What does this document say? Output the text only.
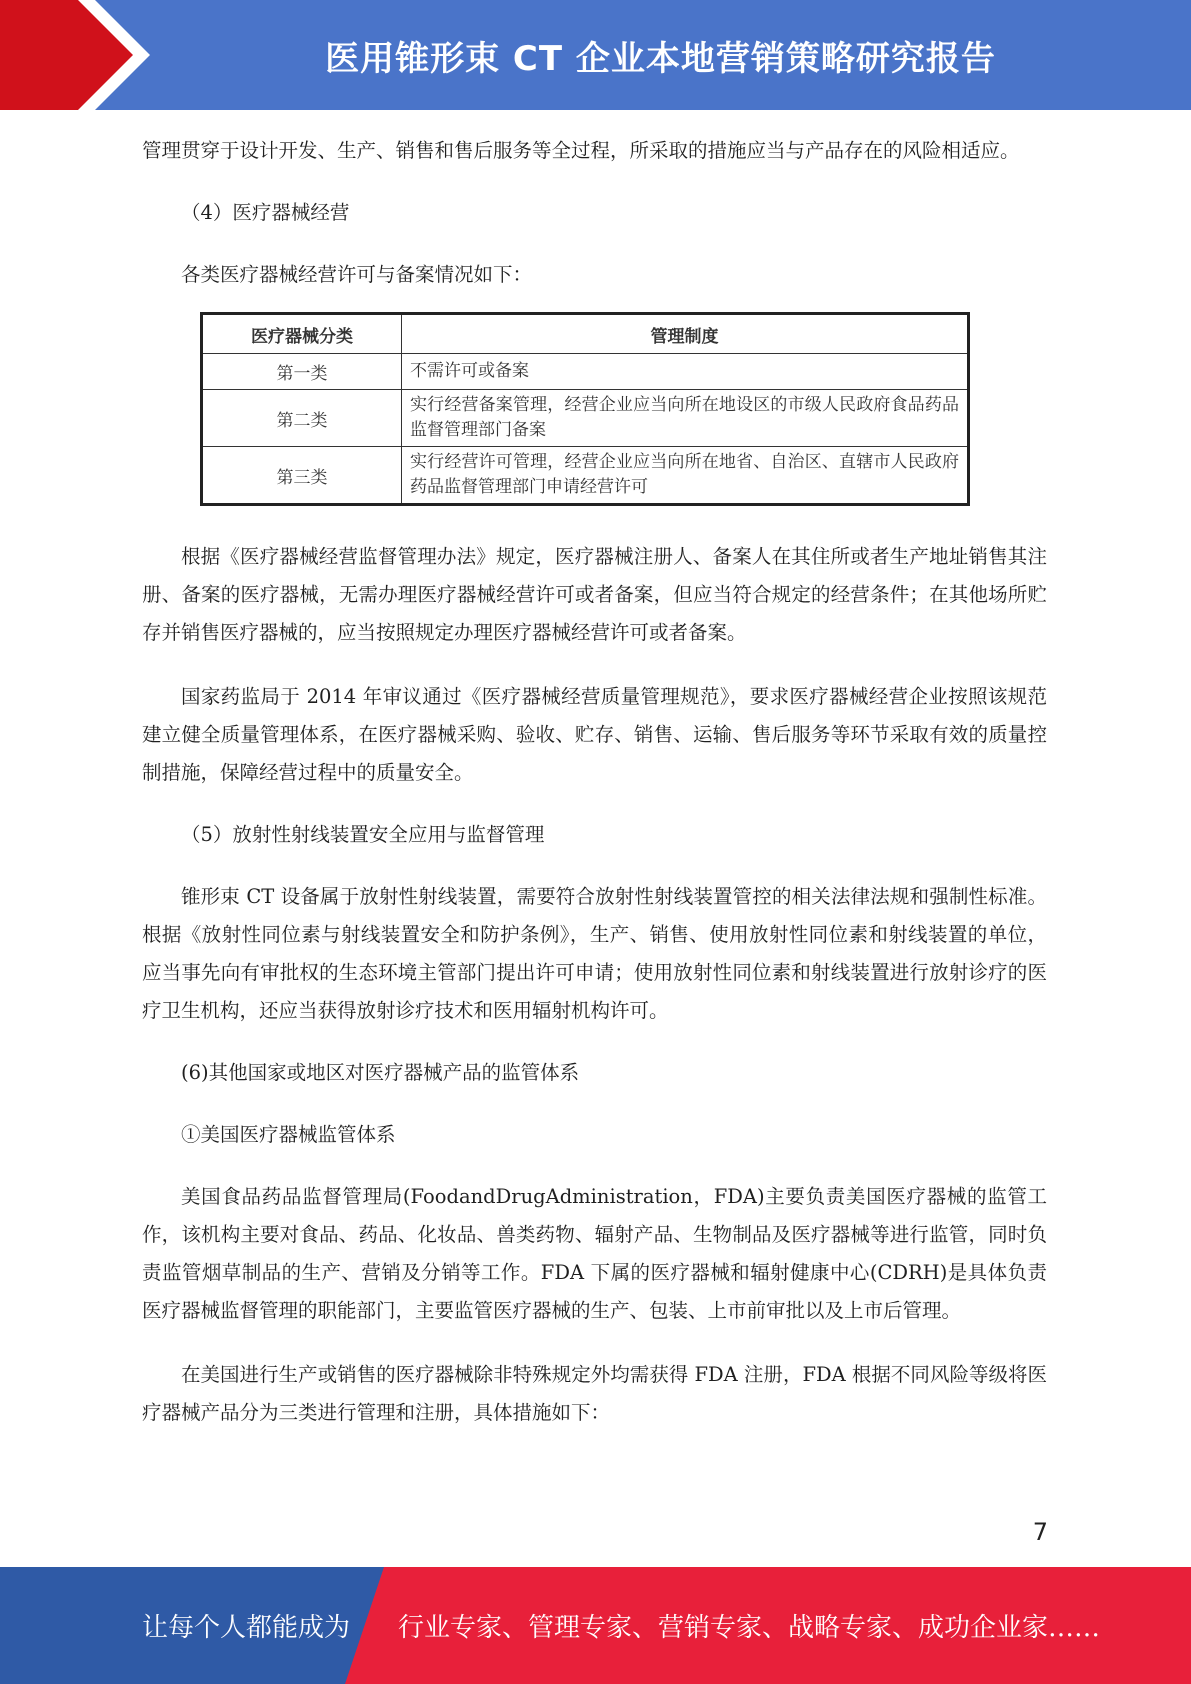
医用锥形束 CT 企业本地营销策略研究报告

管理贯穿于设计开发、生产、销售和售后服务等全过程，所采取的措施应当与产品存在的风险相适应。

（4）医疗器械经营

各类医疗器械经营许可与备案情况如下：

医疗器械分类	管理制度
第一类	不需许可或备案
第二类	实行经营备案管理，经营企业应当向所在地设区的市级人民政府食品药品监督管理部门备案
第三类	实行经营许可管理，经营企业应当向所在地省、自治区、直辖市人民政府药品监督管理部门申请经营许可

根据《医疗器械经营监督管理办法》规定，医疗器械注册人、备案人在其住所或者生产地址销售其注册、备案的医疗器械，无需办理医疗器械经营许可或者备案，但应当符合规定的经营条件；在其他场所贮存并销售医疗器械的，应当按照规定办理医疗器械经营许可或者备案。

国家药监局于 2014 年审议通过《医疗器械经营质量管理规范》，要求医疗器械经营企业按照该规范建立健全质量管理体系，在医疗器械采购、验收、贮存、销售、运输、售后服务等环节采取有效的质量控制措施，保障经营过程中的质量安全。

（5）放射性射线装置安全应用与监督管理

锥形束 CT 设备属于放射性射线装置，需要符合放射性射线装置管控的相关法律法规和强制性标准。根据《放射性同位素与射线装置安全和防护条例》，生产、销售、使用放射性同位素和射线装置的单位，应当事先向有审批权的生态环境主管部门提出许可申请；使用放射性同位素和射线装置进行放射诊疗的医疗卫生机构，还应当获得放射诊疗技术和医用辐射机构许可。

(6)其他国家或地区对医疗器械产品的监管体系

①美国医疗器械监管体系

美国食品药品监督管理局(FoodandDrugAdministration，FDA)主要负责美国医疗器械的监管工作，该机构主要对食品、药品、化妆品、兽类药物、辐射产品、生物制品及医疗器械等进行监管，同时负责监管烟草制品的生产、营销及分销等工作。FDA 下属的医疗器械和辐射健康中心(CDRH)是具体负责医疗器械监督管理的职能部门，主要监管医疗器械的生产、包装、上市前审批以及上市后管理。

在美国进行生产或销售的医疗器械除非特殊规定外均需获得 FDA 注册，FDA 根据不同风险等级将医疗器械产品分为三类进行管理和注册，具体措施如下：

7
让每个人都能成为 行业专家、管理专家、营销专家、战略专家、成功企业家……
